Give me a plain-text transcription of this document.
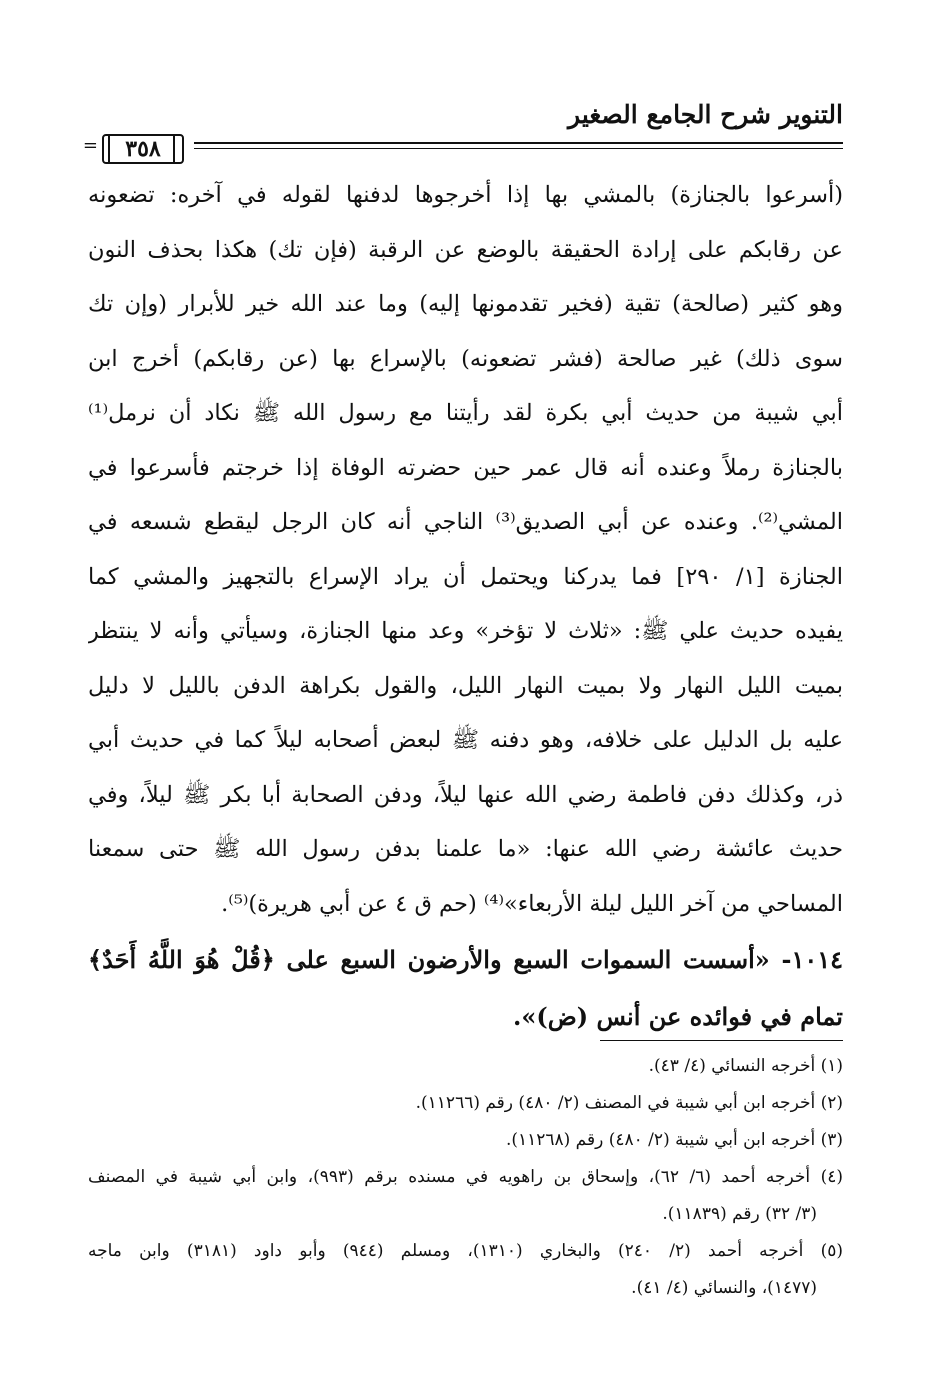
التنوير شرح الجامع الصغير
=	٣٥٨
(أسرعوا بالجنازة) بالمشي بها إذا أخرجوها لدفنها لقوله في آخره: تضعونه
عن رقابكم على إرادة الحقيقة بالوضع عن الرقبة (فإن تك) هكذا بحذف النون
وهو كثير (صالحة) تقية (فخير تقدمونها إليه) وما عند الله خير للأبرار (وإن تك
سوى ذلك) غير صالحة (فشر تضعونه) بالإسراع بها (عن رقابكم) أخرج ابن
أبي شيبة من حديث أبي بكرة لقد رأيتنا مع رسول الله ﷺ نكاد أن نرمل⁽¹⁾
بالجنازة رملاً وعنده أنه قال عمر حين حضرته الوفاة إذا خرجتم فأسرعوا في
المشي⁽²⁾. وعنده عن أبي الصديق⁽³⁾ الناجي أنه كان الرجل ليقطع شسعه في
الجنازة [١/ ٢٩٠] فما يدركنا ويحتمل أن يراد الإسراع بالتجهيز والمشي كما
يفيده حديث علي ﷺ: «ثلاث لا تؤخر» وعد منها الجنازة، وسيأتي وأنه لا ينتظر
بميت الليل النهار ولا بميت النهار الليل، والقول بكراهة الدفن بالليل لا دليل
عليه بل الدليل على خلافه، وهو دفنه ﷺ لبعض أصحابه ليلاً كما في حديث أبي
ذر، وكذلك دفن فاطمة رضي الله عنها ليلاً، ودفن الصحابة أبا بكر ﷺ ليلاً، وفي
حديث عائشة رضي الله عنها: «ما علمنا بدفن رسول الله ﷺ حتى سمعنا
المساحي من آخر الليل ليلة الأربعاء»⁽⁴⁾ (حم ق ٤ عن أبي هريرة)⁽⁵⁾.
١٠١٤- «أسست السموات السبع والأرضون السبع على ﴿قُلْ هُوَ اللَّهُ أَحَدٌ﴾
تمام في فوائده عن أنس (ض)».
(١) أخرجه النسائي (٤/ ٤٣).
(٢) أخرجه ابن أبي شيبة في المصنف (٢/ ٤٨٠) رقم (١١٢٦٦).
(٣) أخرجه ابن أبي شيبة (٢/ ٤٨٠) رقم (١١٢٦٨).
(٤) أخرجه أحمد (٦/ ٦٢)، وإسحاق بن راهويه في مسنده برقم (٩٩٣)، وابن أبي شيبة في المصنف
(٣/ ٣٢) رقم (١١٨٣٩).
(٥) أخرجه أحمد (٢/ ٢٤٠) والبخاري (١٣١٠)، ومسلم (٩٤٤) وأبو داود (٣١٨١) وابن ماجه
(١٤٧٧)، والنسائي (٤/ ٤١).
